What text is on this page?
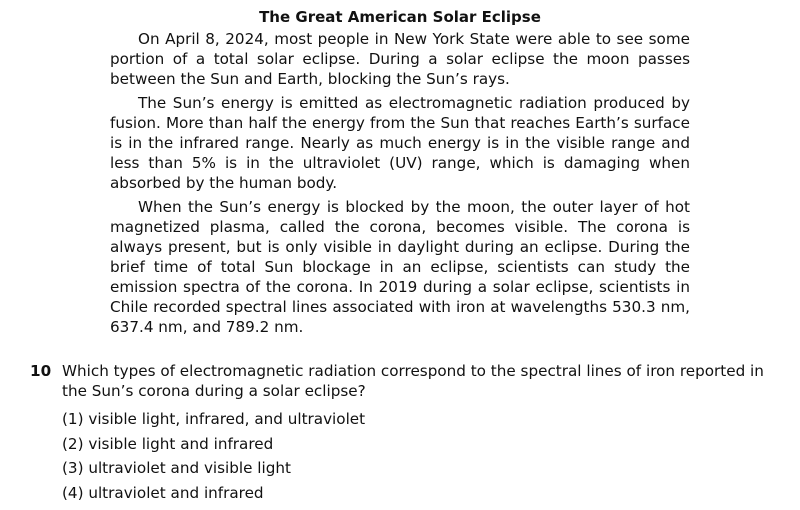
The Great American Solar Eclipse

On April 8, 2024, most people in New York State were able to see some portion of a total solar eclipse. During a solar eclipse the moon passes between the Sun and Earth, blocking the Sun’s rays.

The Sun’s energy is emitted as electromagnetic radiation produced by fusion. More than half the energy from the Sun that reaches Earth’s surface is in the infrared range. Nearly as much energy is in the visible range and less than 5% is in the ultraviolet (UV) range, which is damaging when absorbed by the human body.

When the Sun’s energy is blocked by the moon, the outer layer of hot magnetized plasma, called the corona, becomes visible. The corona is always present, but is only visible in daylight during an eclipse. During the brief time of total Sun blockage in an eclipse, scientists can study the emission spectra of the corona. In 2019 during a solar eclipse, scientists in Chile recorded spectral lines associated with iron at wavelengths 530.3 nm, 637.4 nm, and 789.2 nm.

10 Which types of electromagnetic radiation correspond to the spectral lines of iron reported in the Sun’s corona during a solar eclipse?
(1) visible light, infrared, and ultraviolet
(2) visible light and infrared
(3) ultraviolet and visible light
(4) ultraviolet and infrared
